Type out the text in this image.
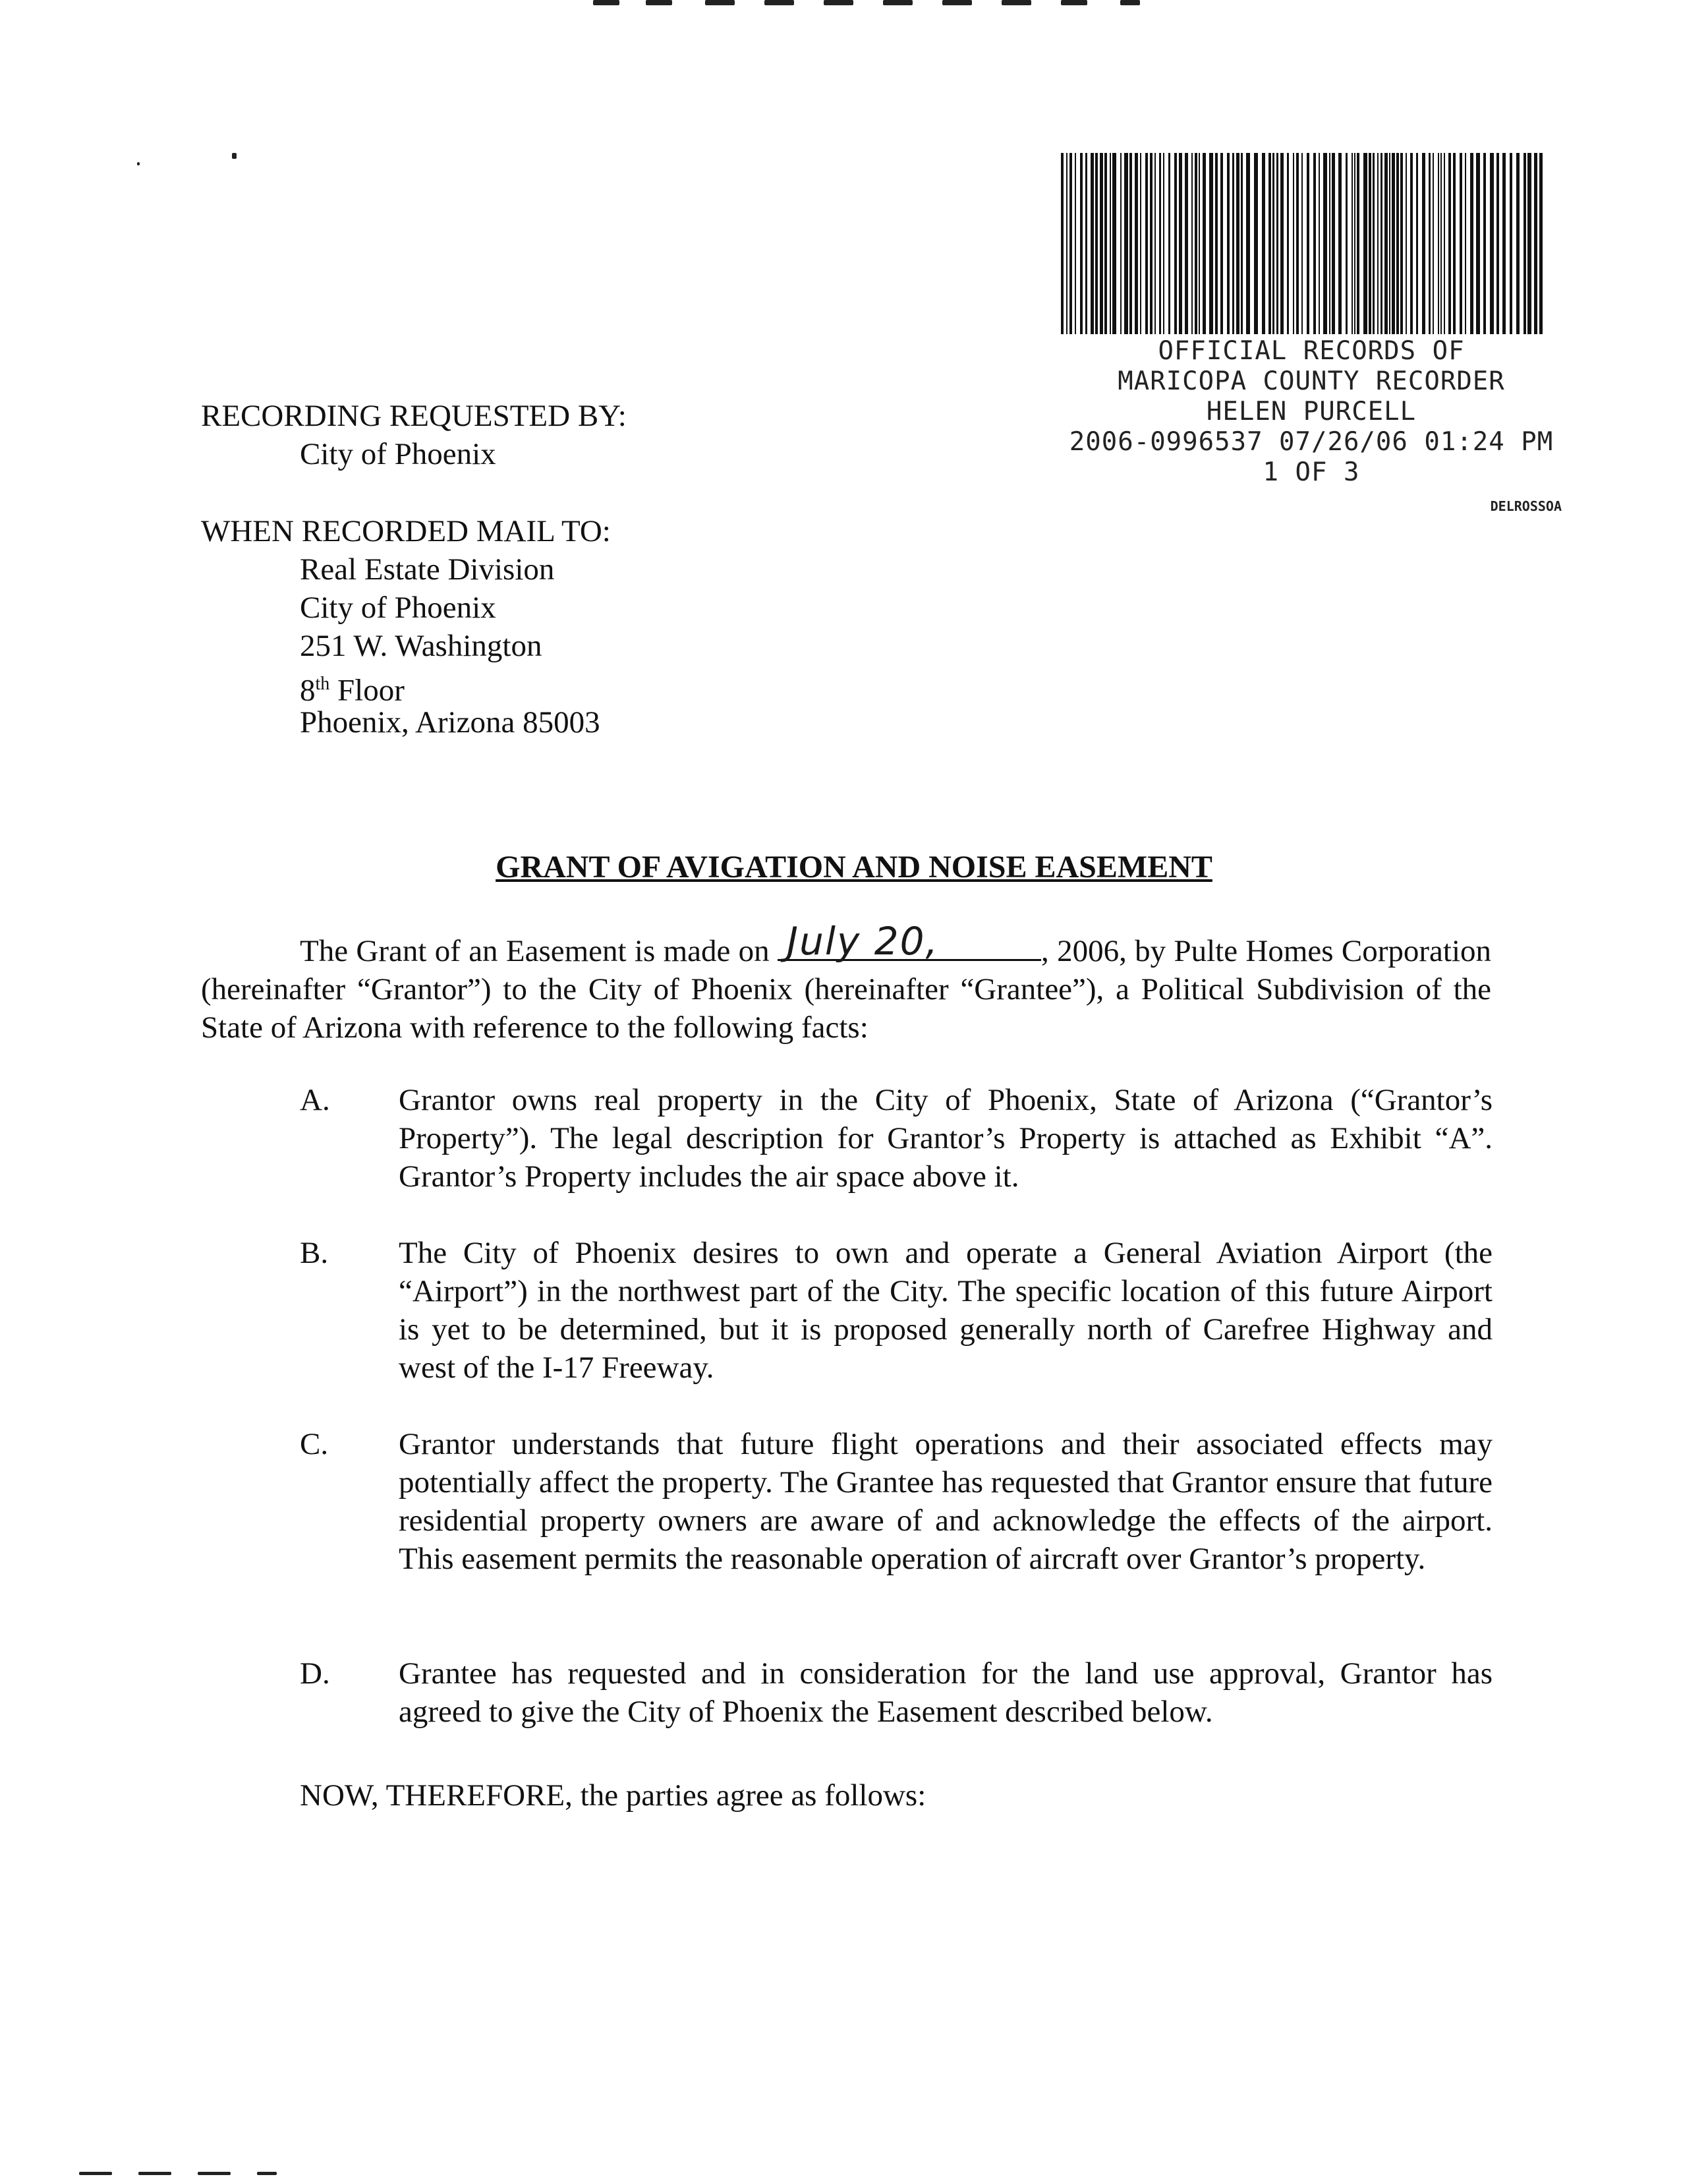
OFFICIAL RECORDS OF
MARICOPA COUNTY RECORDER
HELEN PURCELL
2006-0996537 07/26/06 01:24 PM
1 OF 3
DELROSSOA
RECORDING REQUESTED BY:
City of Phoenix
WHEN RECORDED MAIL TO:
Real Estate Division
City of Phoenix
251 W. Washington
8th Floor
Phoenix, Arizona 85003
GRANT OF AVIGATION AND NOISE EASEMENT
The Grant of an Easement is made on July 20,	, 2006, by Pulte Homes Corporation (hereinafter “Grantor”) to the City of Phoenix (hereinafter “Grantee”), a Political Subdivision of the State of Arizona with reference to the following facts:
A. Grantor owns real property in the City of Phoenix, State of Arizona (“Grantor’s Property”). The legal description for Grantor’s Property is attached as Exhibit “A”. Grantor’s Property includes the air space above it.
B. The City of Phoenix desires to own and operate a General Aviation Airport (the “Airport”) in the northwest part of the City. The specific location of this future Airport is yet to be determined, but it is proposed generally north of Carefree Highway and west of the I-17 Freeway.
C. Grantor understands that future flight operations and their associated effects may potentially affect the property. The Grantee has requested that Grantor ensure that future residential property owners are aware of and acknowledge the effects of the airport. This easement permits the reasonable operation of aircraft over Grantor’s property.
D. Grantee has requested and in consideration for the land use approval, Grantor has agreed to give the City of Phoenix the Easement described below.
NOW, THEREFORE, the parties agree as follows:
